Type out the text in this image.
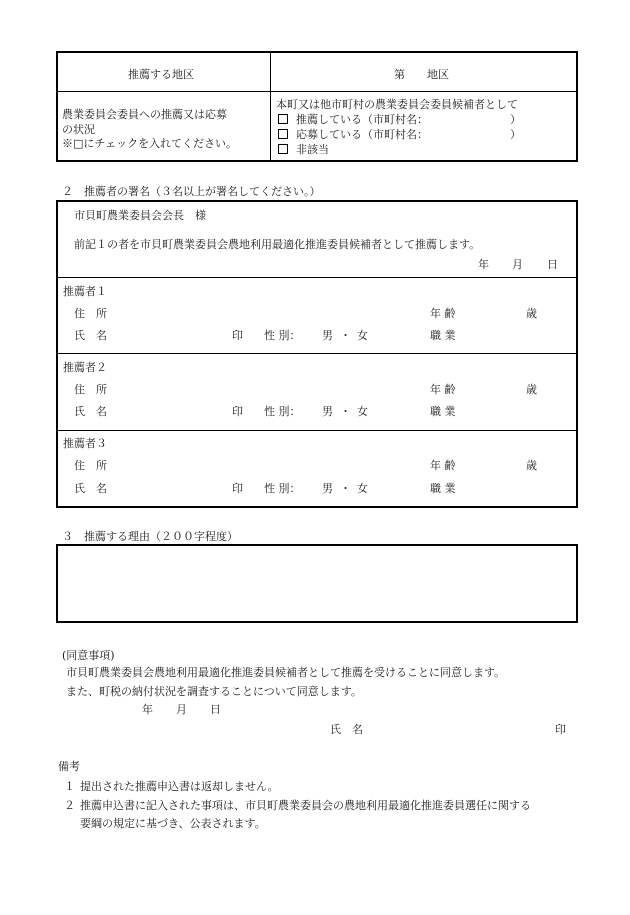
推薦する地区	第　　地区
農業委員会委員への推薦又は応募
の状況
※□にチェックを入れてください。
本町又は他市町村の農業委員会委員候補者として
推薦している（市町村名：	）
応募している（市町村名：	）
非該当
２　推薦者の署名（３名以上が署名してください。）
市貝町農業委員会会長　様
前記１の者を市貝町農業委員会農地利用最適化推進委員候補者として推薦します。
年 月 日
推薦者１
住　所	年 齢	歳
氏　名	印 性 別： 男 ・ 女	職 業
推薦者２
住　所	年 齢	歳
氏　名	印 性 別： 男 ・ 女	職 業
推薦者３
住　所	年 齢	歳
氏　名	印 性 別： 男 ・ 女	職 業
３　推薦する理由（２００字程度）
(同意事項)
市貝町農業委員会農地利用最適化推進委員候補者として推薦を受けることに同意します。
また、町税の納付状況を調査することについて同意します。
年 月 日
氏　名	印
備考
１ 提出された推薦申込書は返却しません。
２ 推薦申込書に記入された事項は、市貝町農業委員会の農地利用最適化推進委員選任に関する
要綱の規定に基づき、公表されます。
